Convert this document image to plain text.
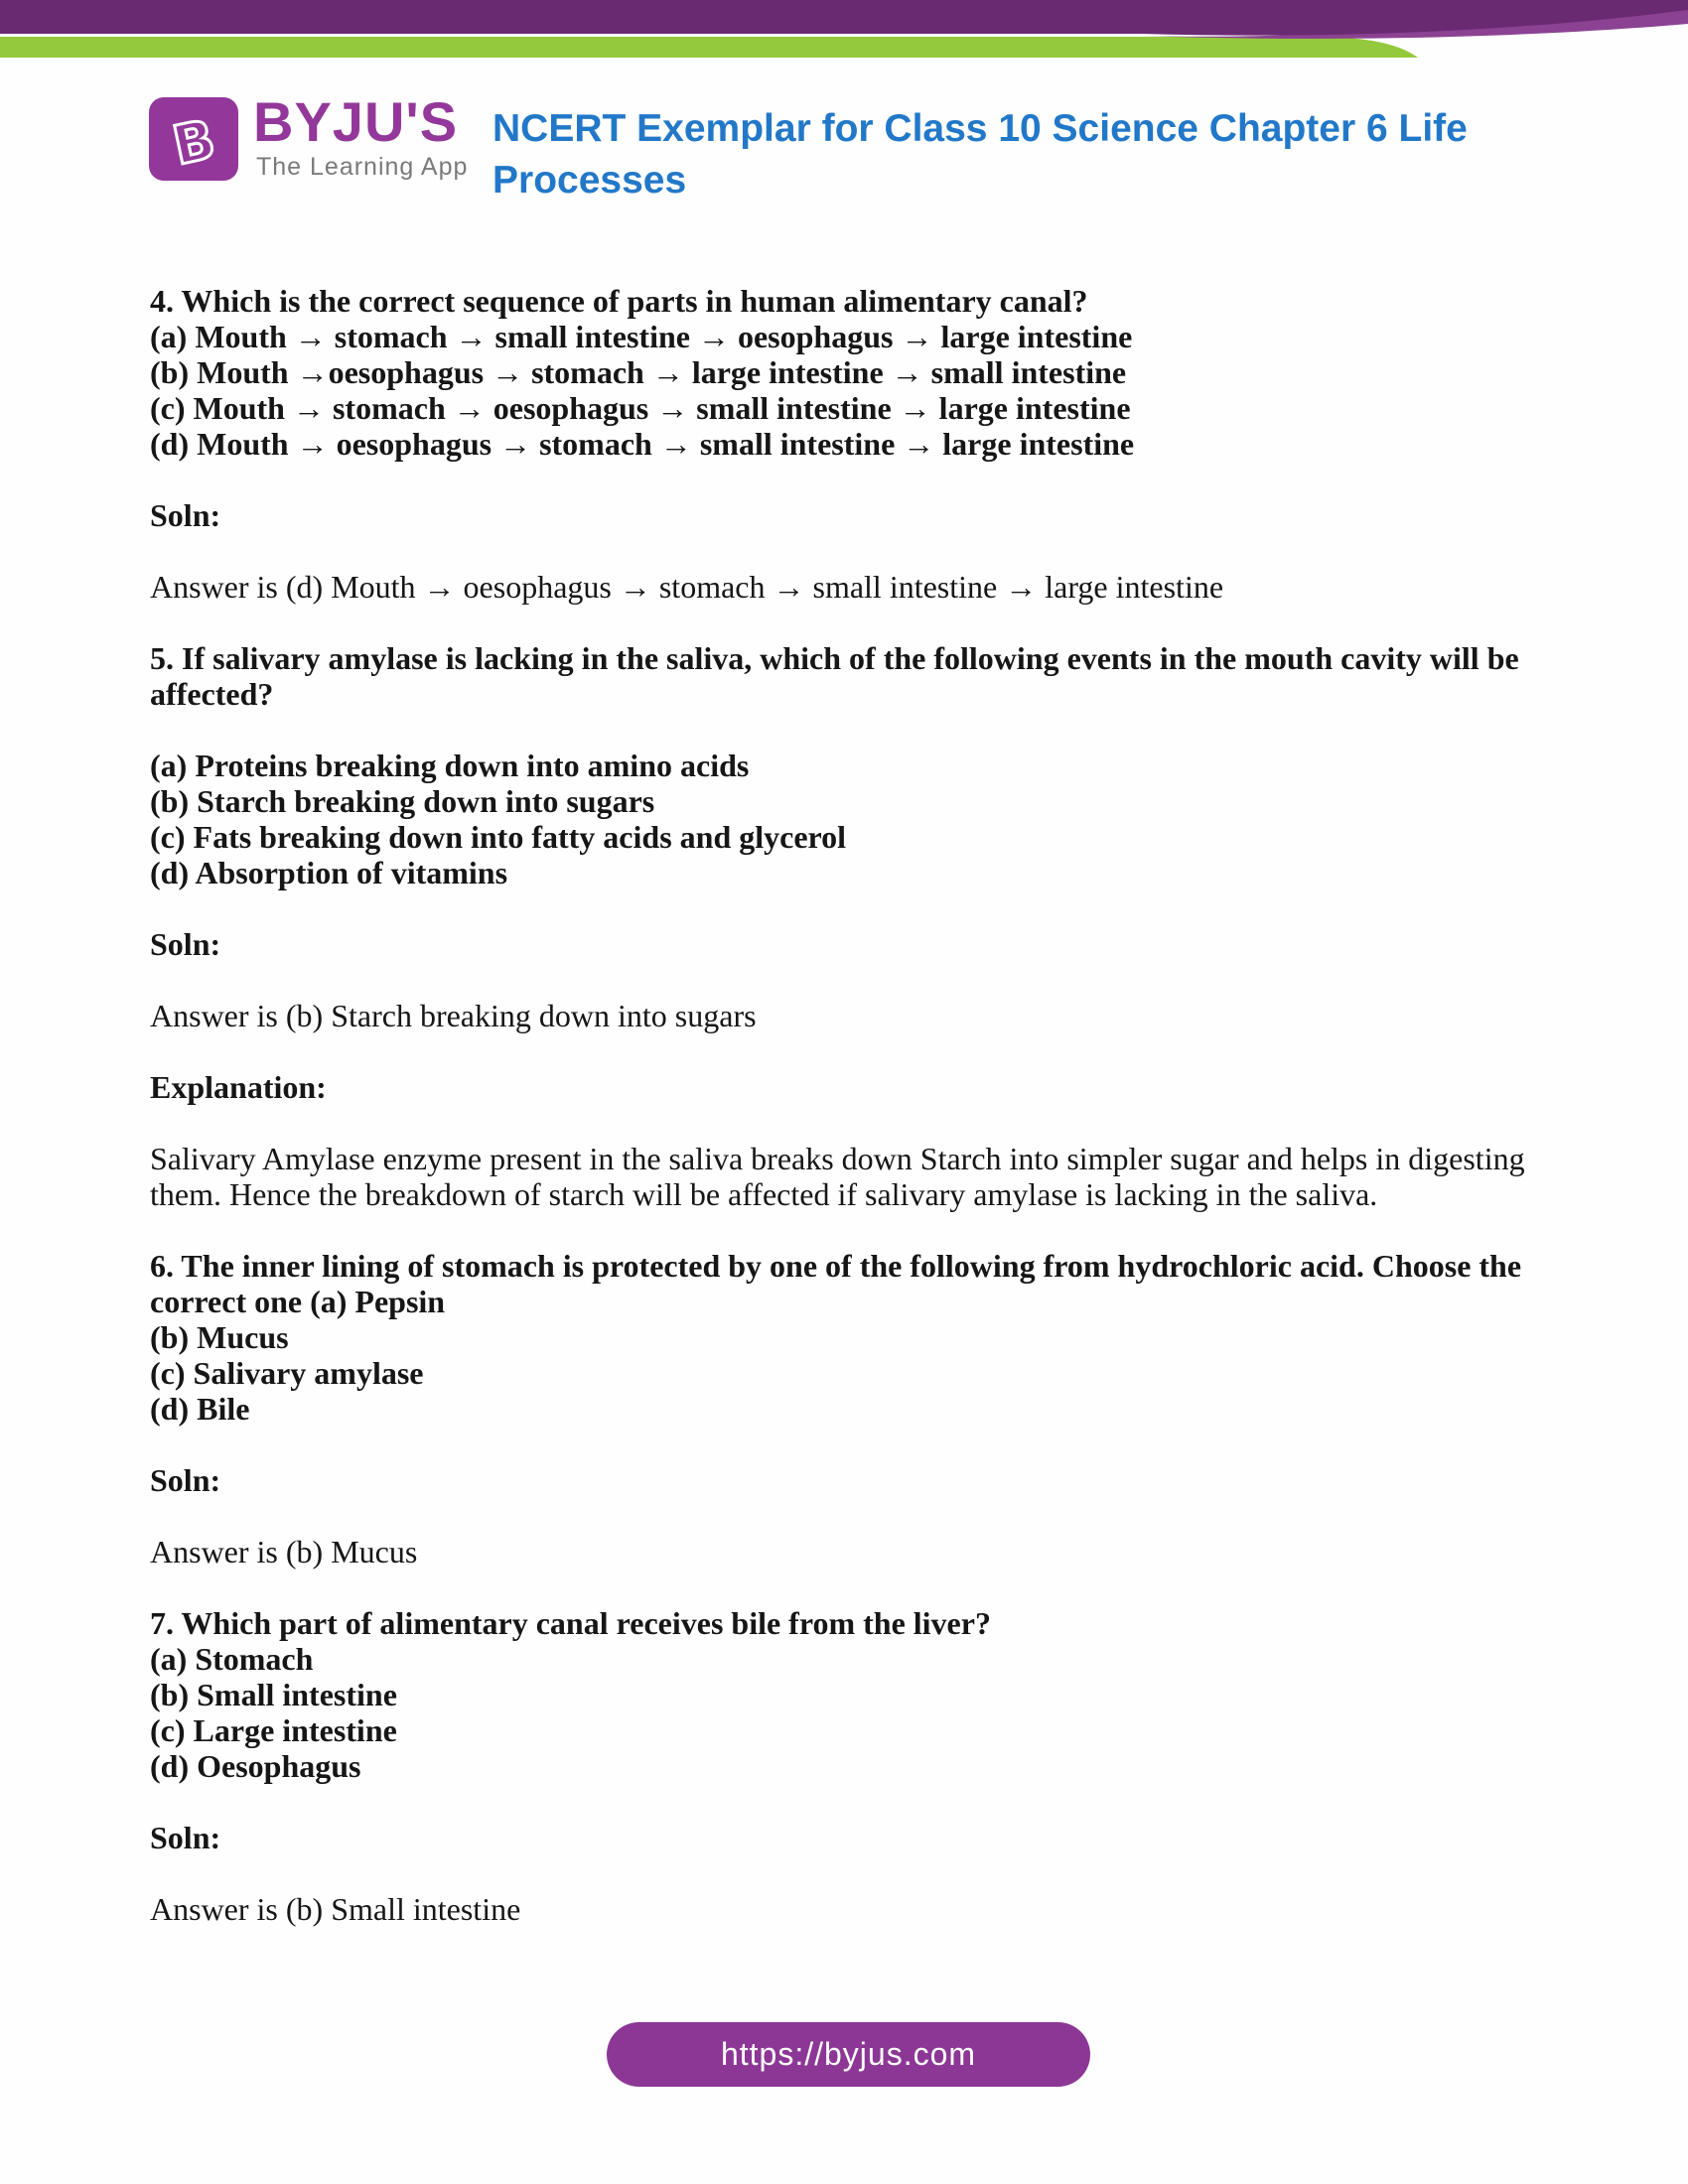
B BYJU'S
The Learning App
NCERT Exemplar for Class 10 Science Chapter 6 Life
Processes
4. Which is the correct sequence of parts in human alimentary canal?
(a) Mouth → stomach → small intestine → oesophagus → large intestine
(b) Mouth →oesophagus → stomach → large intestine → small intestine
(c) Mouth → stomach → oesophagus → small intestine → large intestine
(d) Mouth → oesophagus → stomach → small intestine → large intestine
Soln:
Answer is (d) Mouth → oesophagus → stomach → small intestine → large intestine
5. If salivary amylase is lacking in the saliva, which of the following events in the mouth cavity will be
affected?
(a) Proteins breaking down into amino acids
(b) Starch breaking down into sugars
(c) Fats breaking down into fatty acids and glycerol
(d) Absorption of vitamins
Soln:
Answer is (b) Starch breaking down into sugars
Explanation:
Salivary Amylase enzyme present in the saliva breaks down Starch into simpler sugar and helps in digesting
them. Hence the breakdown of starch will be affected if salivary amylase is lacking in the saliva.
6. The inner lining of stomach is protected by one of the following from hydrochloric acid. Choose the
correct one (a) Pepsin
(b) Mucus
(c) Salivary amylase
(d) Bile
Soln:
Answer is (b) Mucus
7. Which part of alimentary canal receives bile from the liver?
(a) Stomach
(b) Small intestine
(c) Large intestine
(d) Oesophagus
Soln:
Answer is (b) Small intestine
https://byjus.com
